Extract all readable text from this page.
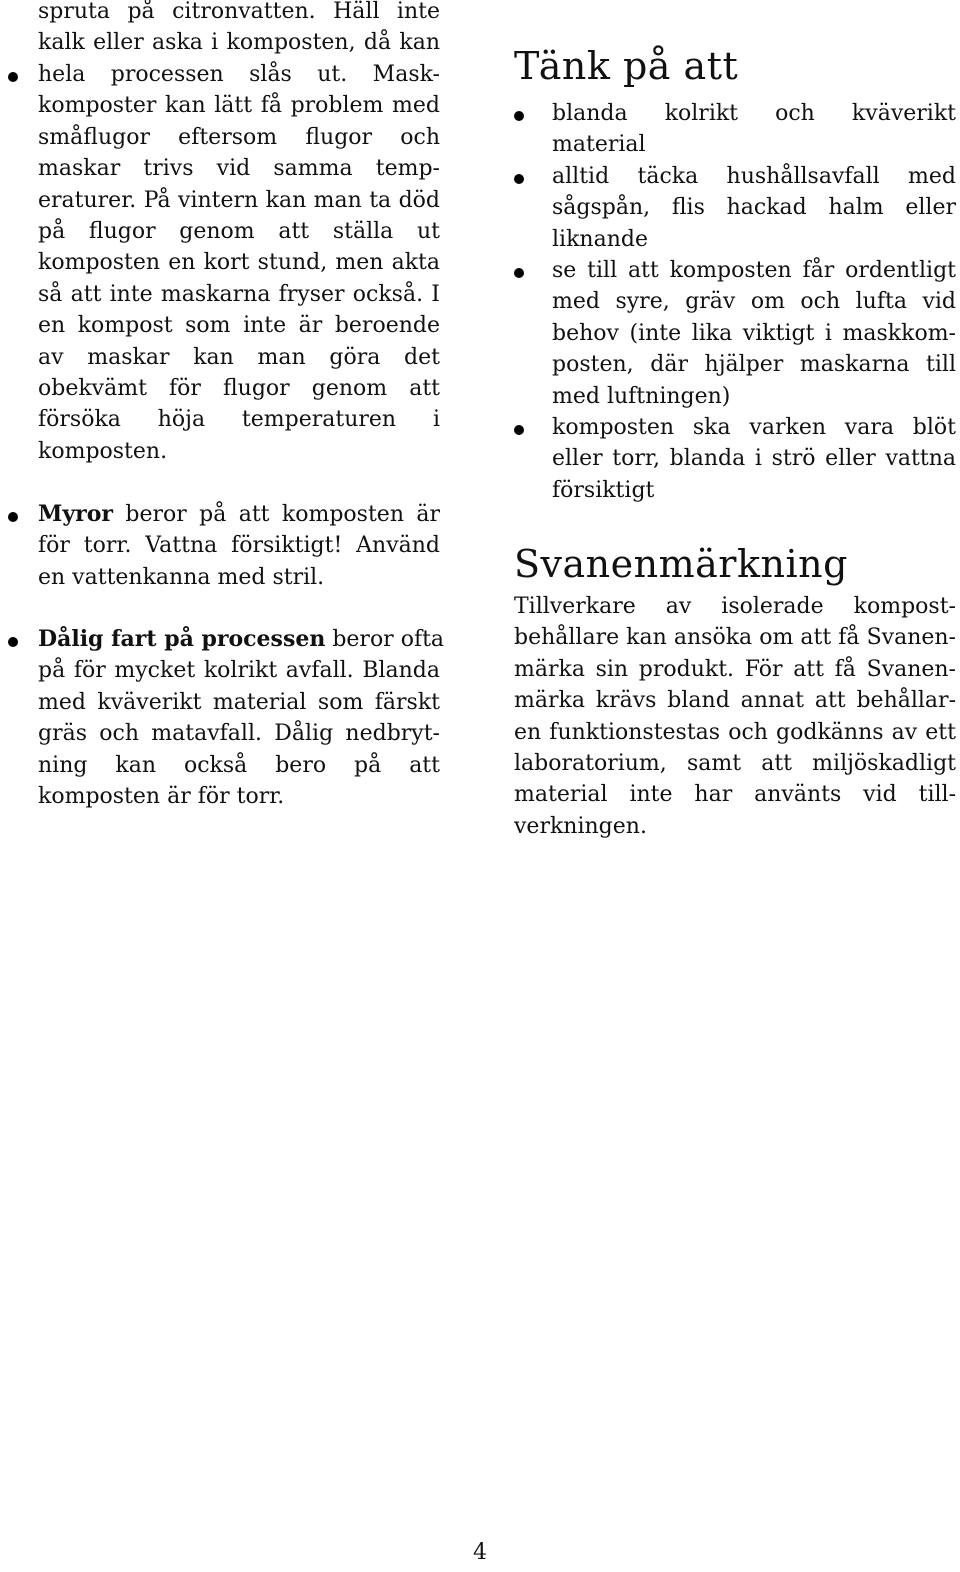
spruta på citronvatten. Häll inte
kalk eller aska i komposten, då kan

hela processen slås ut. Mask-
komposter kan lätt få problem med
småflugor eftersom flugor och
maskar trivs vid samma temp-
eraturer. På vintern kan man ta död
på flugor genom att ställa ut
komposten en kort stund, men akta
så att inte maskarna fryser också. I
en kompost som inte är beroende
av maskar kan man göra det
obekvämt för flugor genom att
försöka höja temperaturen i
komposten.

Myror beror på att komposten är
för torr. Vattna försiktigt! Använd
en vattenkanna med stril.

Dålig fart på processen beror ofta
på för mycket kolrikt avfall. Blanda
med kväverikt material som färskt
gräs och matavfall. Dålig nedbryt-
ning kan också bero på att
komposten är för torr.

Tänk på att

blanda kolrikt och kväverikt
material

alltid täcka hushållsavfall med
sågspån, flis hackad halm eller
liknande

se till att komposten får ordentligt
med syre, gräv om och lufta vid
behov (inte lika viktigt i maskkom-
posten, där hjälper maskarna till
med luftningen)

komposten ska varken vara blöt
eller torr, blanda i strö eller vattna
försiktigt

Svanenmärkning

Tillverkare av isolerade kompost-
behållare kan ansöka om att få Svanen-
märka sin produkt. För att få Svanen-
märka krävs bland annat att behållar-
en funktionstestas och godkänns av ett
laboratorium, samt att miljöskadligt
material inte har använts vid till-
verkningen.

4
